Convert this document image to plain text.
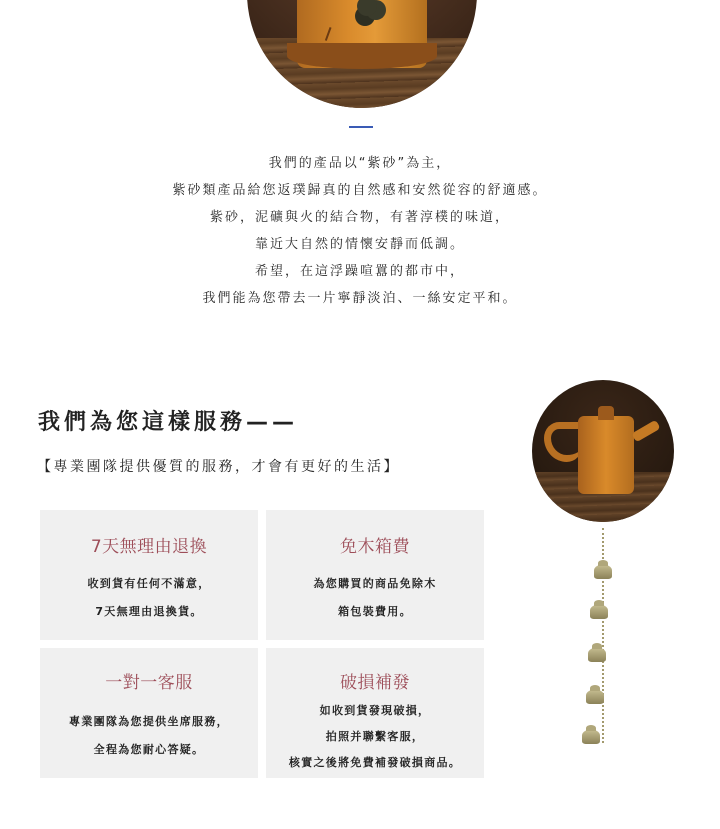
我們的產品以“紫砂”為主，

紫砂類產品給您返璞歸真的自然感和安然從容的舒適感。

紫砂，泥礦與火的結合物，有著淳樸的味道，

靠近大自然的情懷安靜而低調。

希望，在這浮躁喧囂的都市中，

我們能為您帶去一片寧靜淡泊、一絲安定平和。

我們為您這樣服務——
【專業團隊提供優質的服務，才會有更好的生活】
7天無理由退換

收到貨有任何不滿意，

7天無理由退換貨。

免木箱費

為您購買的商品免除木

箱包裝費用。

一對一客服

專業團隊為您提供坐席服務，

全程為您耐心答疑。

破損補發

如收到貨發現破損，

拍照并聯繫客服，

核實之後將免費補發破損商品。
